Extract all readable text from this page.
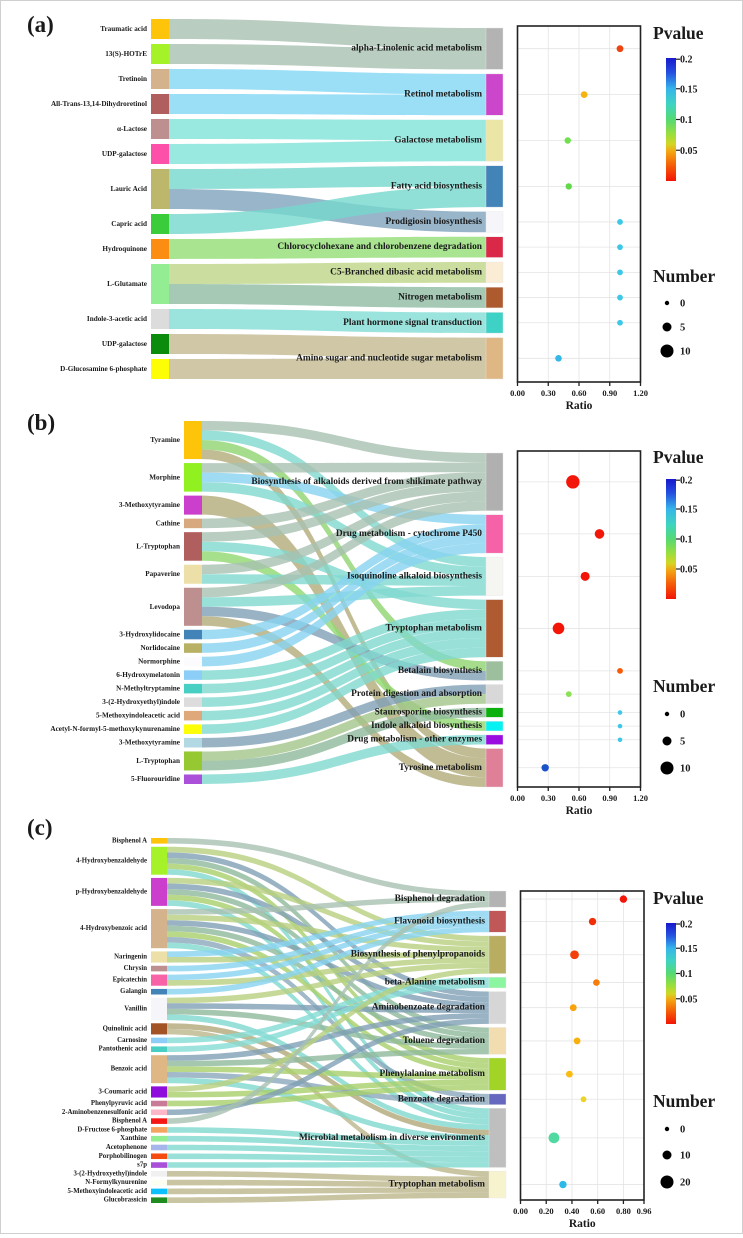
(a)	Traumatic acid
13(S)-HOTrE
Tretinoin
All-Trans-13,14-Dihydroretinol
α-Lactose
UDP-galactose
Lauric Acid
Capric acid
Hydroquinone
L-Glutamate
Indole-3-acetic acid
UDP-galactose
D-Glucosamine 6-phosphate
alpha-Linolenic acid metabolism
Retinol metabolism
Galactose metabolism
Fatty acid biosynthesis
Prodigiosin biosynthesis
Chlorocyclohexane and chlorobenzene degradation
C5-Branched dibasic acid metabolism
Nitrogen metabolism
Plant hormone signal transduction
Amino sugar and nucleotide sugar metabolism
0.00 0.30 0.60 0.90 1.20
Ratio
Pvalue
0.2
0.15
0.1
0.05
Number
0
5
10
(b)
Tyramine
Morphine
3-Methoxytyramine
Cathine
L-Tryptophan
Papaverine
Levodopa
3-Hydroxylidocaine
Norlidocaine
Normorphine
6-Hydroxymelatonin
N-Methyltryptamine
3-(2-Hydroxyethyl)indole
5-Methoxyindoleacetic acid
Acetyl-N-formyl-5-methoxykynurenamine
3-Methoxytyramine
L-Tryptophan
5-Fluorouridine
Biosynthesis of alkaloids derived from shikimate pathway
Drug metabolism - cytochrome P450
Isoquinoline alkaloid biosynthesis
Tryptophan metabolism
Betalain biosynthesis
Protein digestion and absorption
Staurosporine biosynthesis
Indole alkaloid biosynthesis
Drug metabolism - other enzymes
Tyrosine metabolism
0.00 0.30 0.60 0.90 1.20
Ratio
Pvalue
0.2
0.15
0.1
0.05
Number
0
5
10
(c)
Bisphenol A
4-Hydroxybenzaldehyde
p-Hydroxybenzaldehyde
4-Hydroxybenzoic acid
Naringenin
Chrysin
Epicatechin
Galangin
Vanillin
Quinolinic acid
Carnosine
Pantothenic acid
Benzoic acid
3-Coumaric acid
Phenylpyruvic acid
2-Aminobenzenesulfonic acid
Bisphenol A
D-Fructose 6-phosphate
Xanthine
Acetophenone
Porphobilinogen
s7p
3-(2-Hydroxyethyl)indole
N-Formylkynurenine
5-Methoxyindoleacetic acid
Glucobrassicin
Bisphenol degradation
Flavonoid biosynthesis
Biosynthesis of phenylpropanoids
beta-Alanine metabolism
Aminobenzoate degradation
Toluene degradation
Phenylalanine metabolism
Benzoate degradation
Microbial metabolism in diverse environments
Tryptophan metabolism
0.00 0.20 0.40 0.60 0.80 0.96
Ratio
Pvalue
0.2
0.15
0.1
0.05
Number
0
10
20
